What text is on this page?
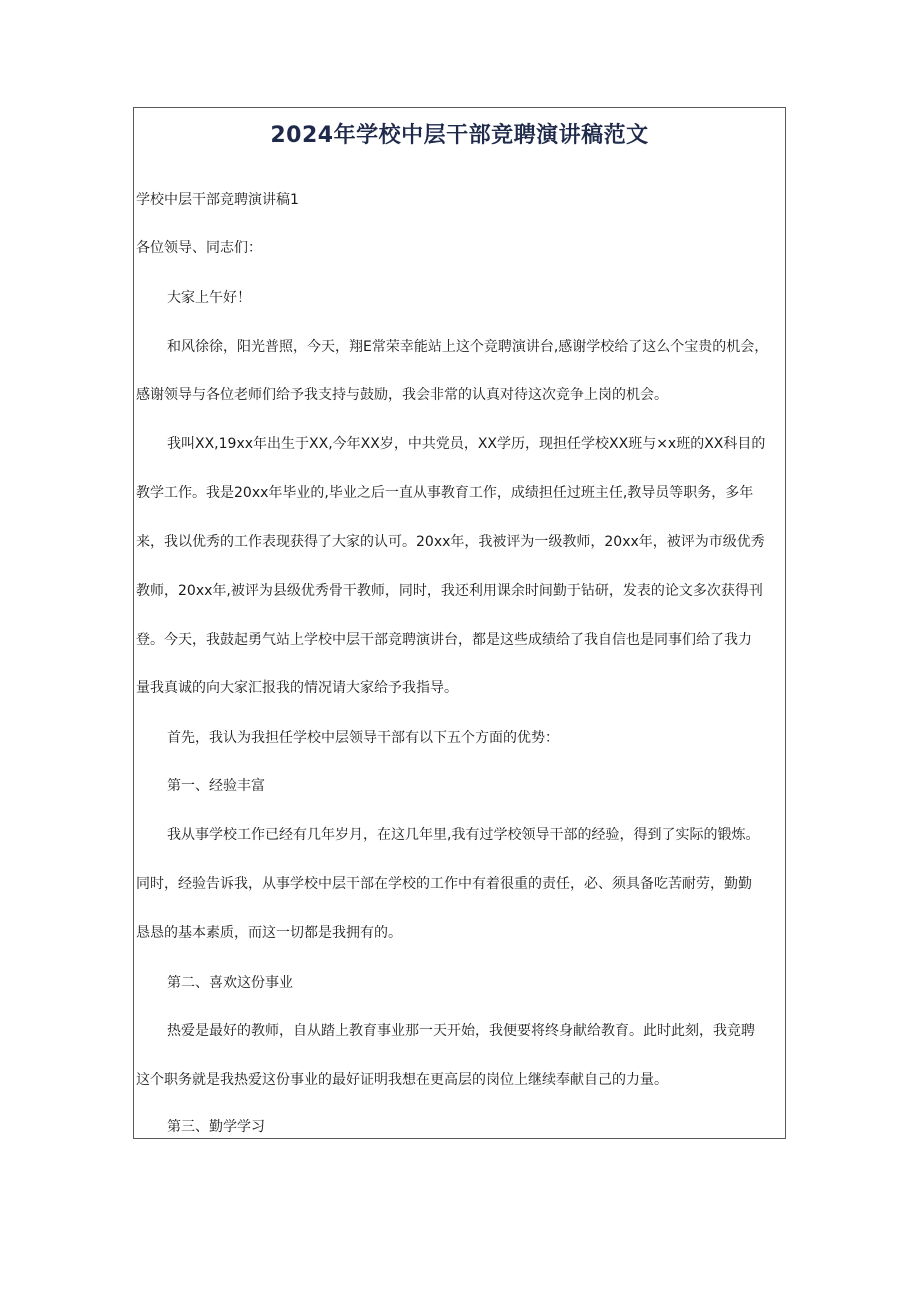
2024年学校中层干部竞聘演讲稿范文

学校中层干部竞聘演讲稿1

各位领导、同志们：

大家上午好！

和风徐徐，阳光普照，今天，翔E常荣幸能站上这个竞聘演讲台,感谢学校给了这么个宝贵的机会，

感谢领导与各位老师们给予我支持与鼓励，我会非常的认真对待这次竞争上岗的机会。

我叫XX,19xx年出生于XX,今年XX岁，中共党员，XX学历，现担任学校XX班与×x班的XX科目的

教学工作。我是20xx年毕业的,毕业之后一直从事教育工作，成绩担任过班主任,教导员等职务，多年

来，我以优秀的工作表现获得了大家的认可。20xx年，我被评为一级教师，20xx年，被评为市级优秀

教师，20xx年,被评为县级优秀骨干教师，同时，我还利用课余时间勤于钻研，发表的论文多次获得刊

登。今天，我鼓起勇气站上学校中层干部竞聘演讲台，都是这些成绩给了我自信也是同事们给了我力

量我真诚的向大家汇报我的情况请大家给予我指导。

首先，我认为我担任学校中层领导干部有以下五个方面的优势：

第一、经验丰富

我从事学校工作已经有几年岁月，在这几年里,我有过学校领导干部的经验，得到了实际的锻炼。

同时，经验告诉我，从事学校中层干部在学校的工作中有着很重的责任，必、须具备吃苦耐劳，勤勤

恳恳的基本素质，而这一切都是我拥有的。

第二、喜欢这份事业

热爱是最好的教师，自从踏上教育事业那一天开始，我便要将终身献给教育。此时此刻，我竞聘

这个职务就是我热爱这份事业的最好证明我想在更高层的岗位上继续奉献自己的力量。

第三、勤学学习
